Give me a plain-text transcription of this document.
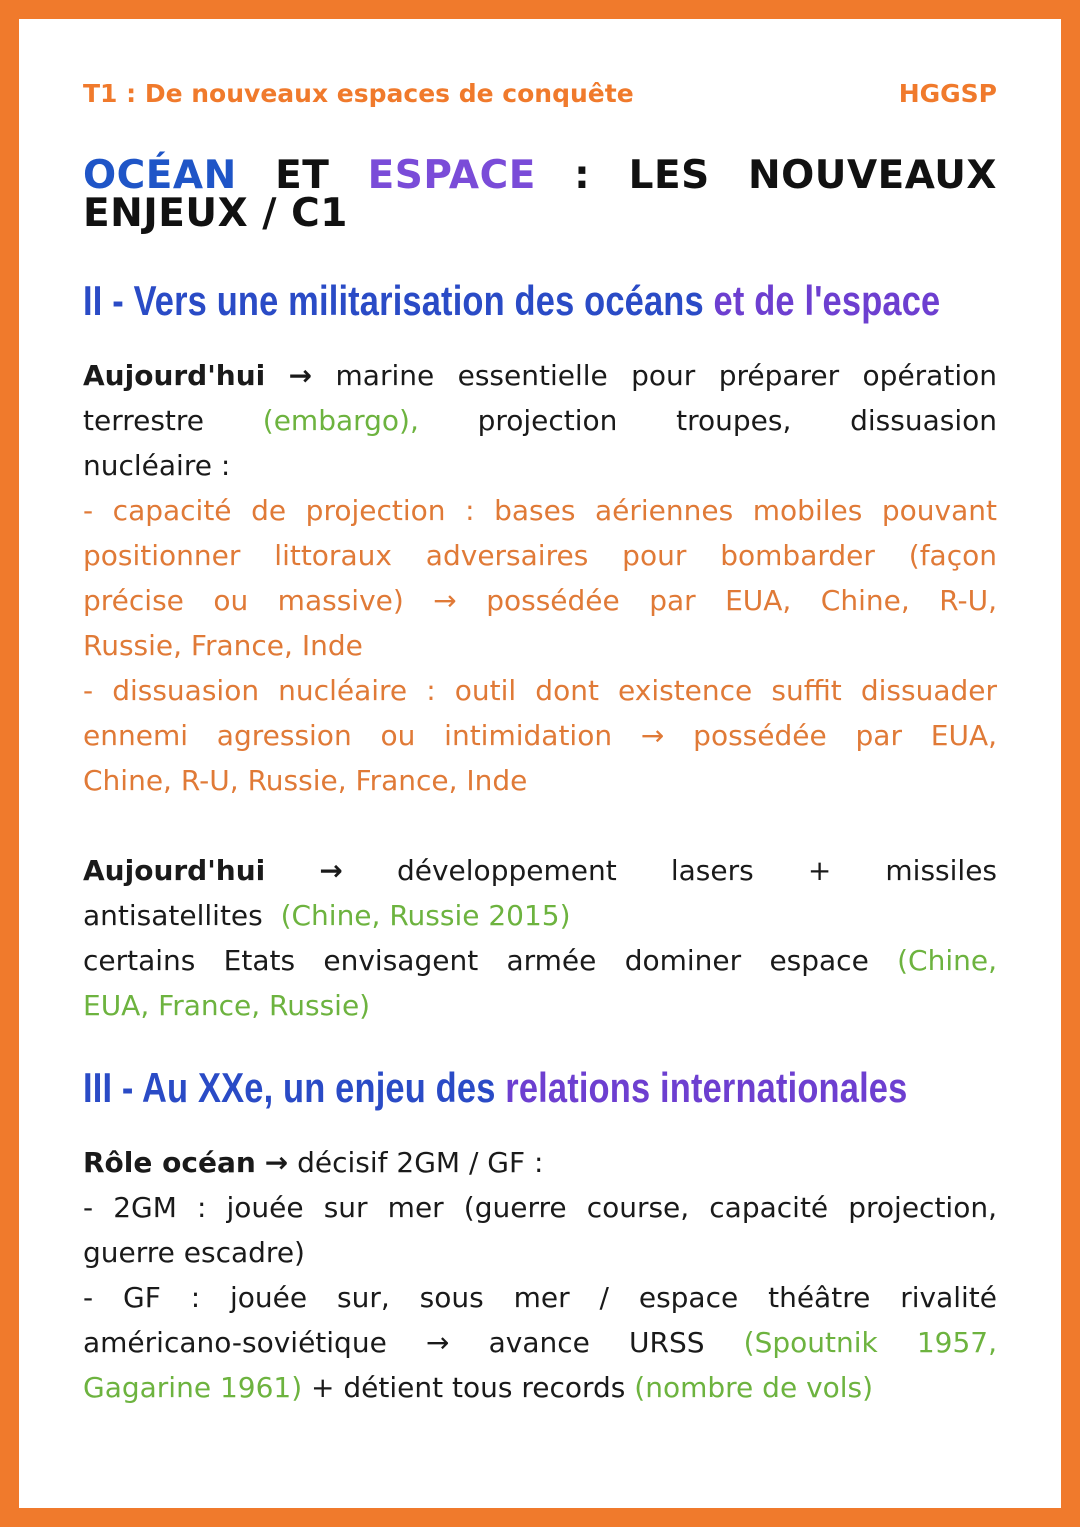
T1 : De nouveaux espaces de conquête	HGGSP
OCÉAN ET ESPACE : LES NOUVEAUX
ENJEUX / C1
II - Vers une militarisation des océans et de l'espace
Aujourd'hui → marine essentielle pour préparer opération
terrestre (embargo), projection troupes, dissuasion
nucléaire :
- capacité de projection : bases aériennes mobiles pouvant
positionner littoraux adversaires pour bombarder (façon
précise ou massive) → possédée par EUA, Chine, R-U,
Russie, France, Inde
- dissuasion nucléaire : outil dont existence suffit dissuader
ennemi agression ou intimidation → possédée par EUA,
Chine, R-U, Russie, France, Inde
Aujourd'hui → développement lasers + missiles
antisatellites (Chine, Russie 2015)
certains Etats envisagent armée dominer espace (Chine,
EUA, France, Russie)
III - Au XXe, un enjeu des relations internationales
Rôle océan → décisif 2GM / GF :
- 2GM : jouée sur mer (guerre course, capacité projection,
guerre escadre)
- GF : jouée sur, sous mer / espace théâtre rivalité
américano-soviétique → avance URSS (Spoutnik 1957,
Gagarine 1961) + détient tous records (nombre de vols)
